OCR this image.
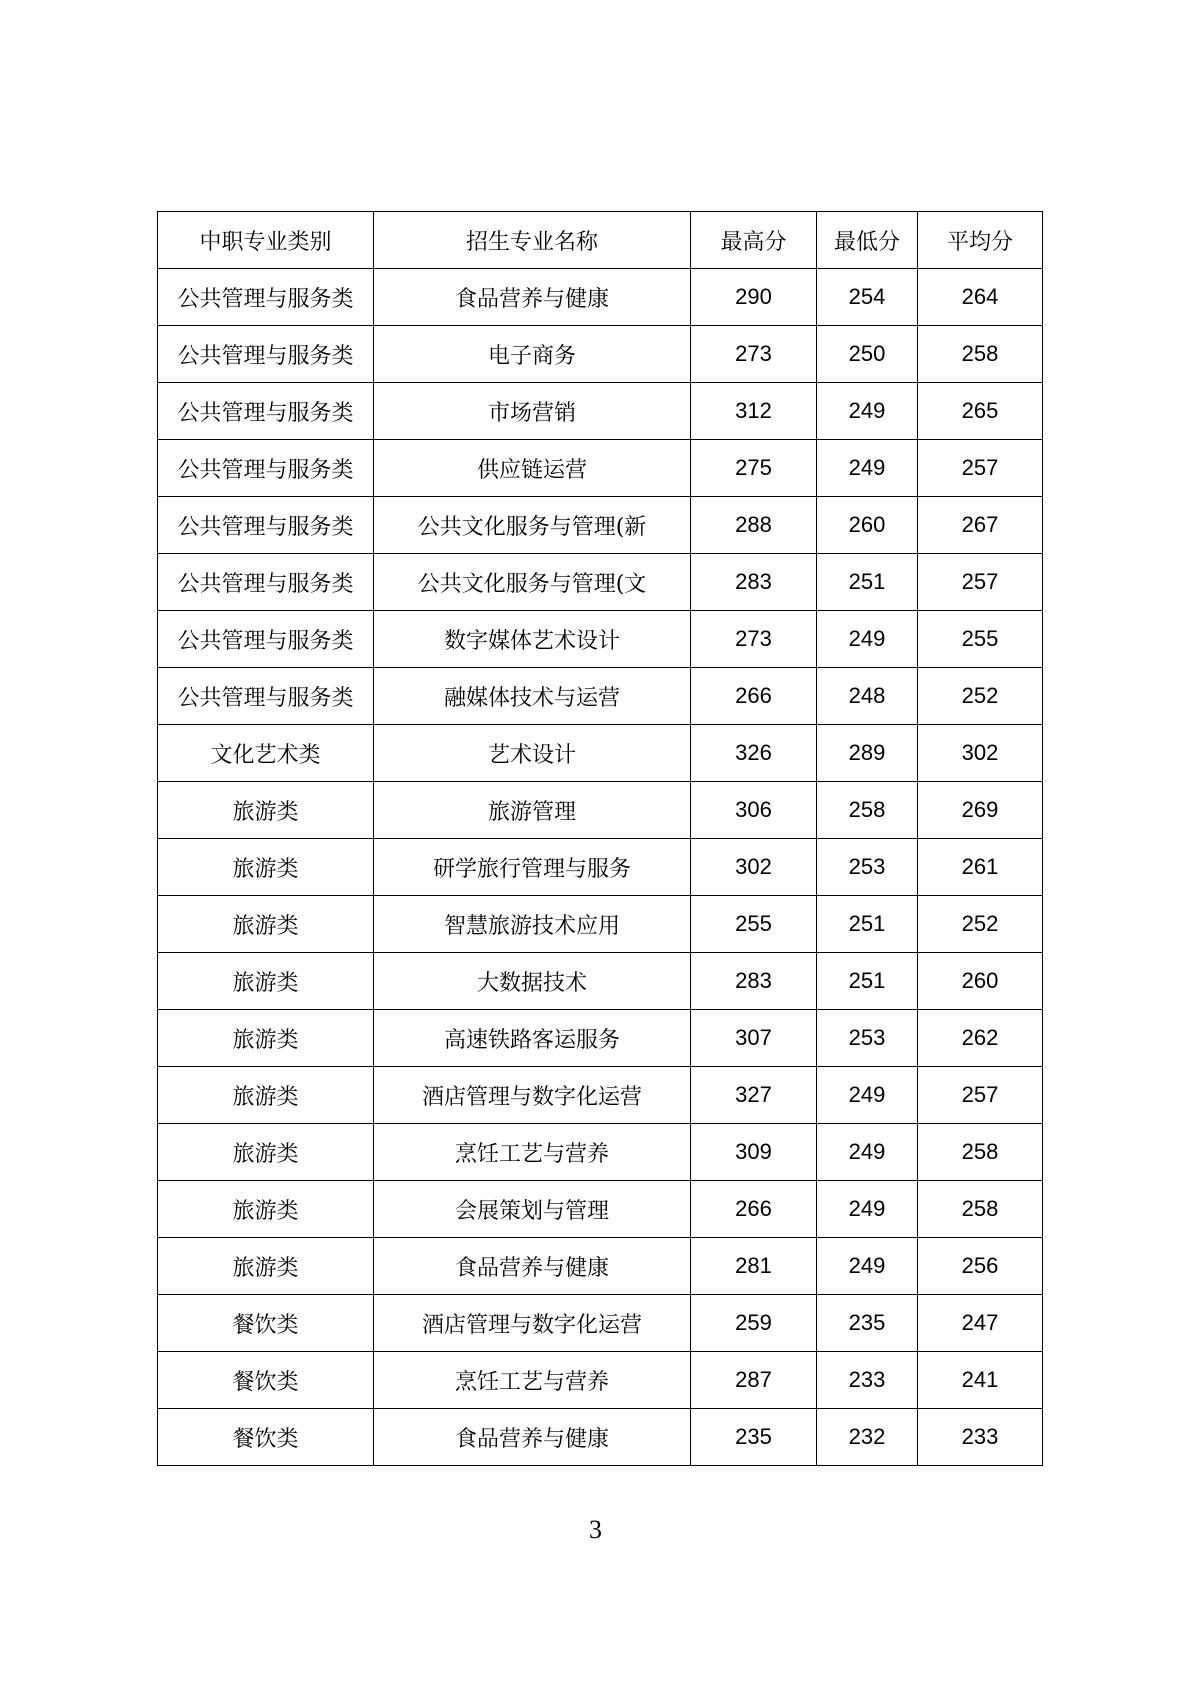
中职专业类别	招生专业名称	最高分	最低分	平均分
公共管理与服务类	食品营养与健康	290	254	264
公共管理与服务类	电子商务	273	250	258
公共管理与服务类	市场营销	312	249	265
公共管理与服务类	供应链运营	275	249	257
公共管理与服务类	公共文化服务与管理(新	288	260	267
公共管理与服务类	公共文化服务与管理(文	283	251	257
公共管理与服务类	数字媒体艺术设计	273	249	255
公共管理与服务类	融媒体技术与运营	266	248	252
文化艺术类	艺术设计	326	289	302
旅游类	旅游管理	306	258	269
旅游类	研学旅行管理与服务	302	253	261
旅游类	智慧旅游技术应用	255	251	252
旅游类	大数据技术	283	251	260
旅游类	高速铁路客运服务	307	253	262
旅游类	酒店管理与数字化运营	327	249	257
旅游类	烹饪工艺与营养	309	249	258
旅游类	会展策划与管理	266	249	258
旅游类	食品营养与健康	281	249	256
餐饮类	酒店管理与数字化运营	259	235	247
餐饮类	烹饪工艺与营养	287	233	241
餐饮类	食品营养与健康	235	232	233
3
